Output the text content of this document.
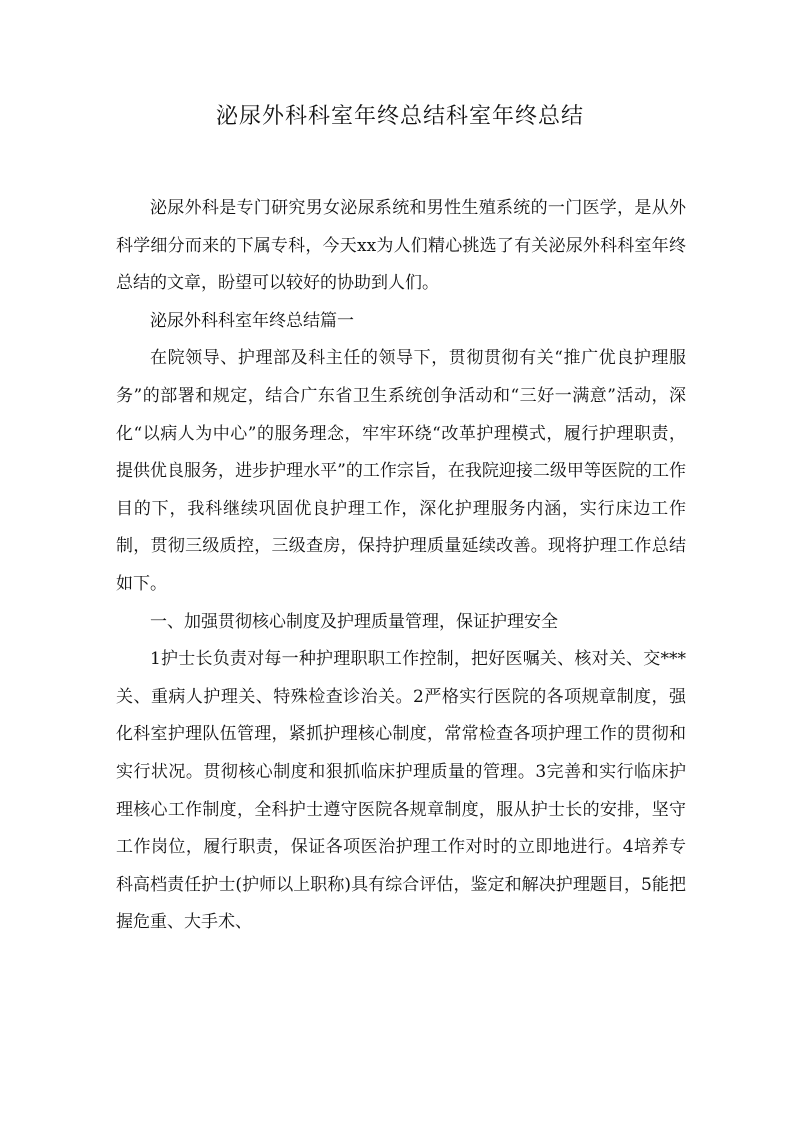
泌尿外科科室年终总结科室年终总结

泌尿外科是专门研究男女泌尿系统和男性生殖系统的一门医学，是从外科学细分而来的下属专科，今天xx为人们精心挑选了有关泌尿外科科室年终总结的文章，盼望可以较好的协助到人们。

泌尿外科科室年终总结篇一

在院领导、护理部及科主任的领导下，贯彻贯彻有关“推广优良护理服务”的部署和规定，结合广东省卫生系统创争活动和“三好一满意”活动，深化“以病人为中心”的服务理念，牢牢环绕“改革护理模式，履行护理职责，提供优良服务，进步护理水平”的工作宗旨，在我院迎接二级甲等医院的工作目的下，我科继续巩固优良护理工作，深化护理服务内涵，实行床边工作制，贯彻三级质控，三级查房，保持护理质量延续改善。现将护理工作总结如下。

一、加强贯彻核心制度及护理质量管理，保证护理安全

1护士长负责对每一种护理职职工作控制，把好医嘱关、核对关、交***关、重病人护理关、特殊检查诊治关。2严格实行医院的各项规章制度，强化科室护理队伍管理，紧抓护理核心制度，常常检查各项护理工作的贯彻和实行状况。贯彻核心制度和狠抓临床护理质量的管理。3完善和实行临床护理核心工作制度，全科护士遵守医院各规章制度，服从护士长的安排，坚守工作岗位，履行职责，保证各项医治护理工作对时的立即地进行。4培养专科高档责任护士(护师以上职称)具有综合评估，鉴定和解决护理题目，5能把握危重、大手术、
